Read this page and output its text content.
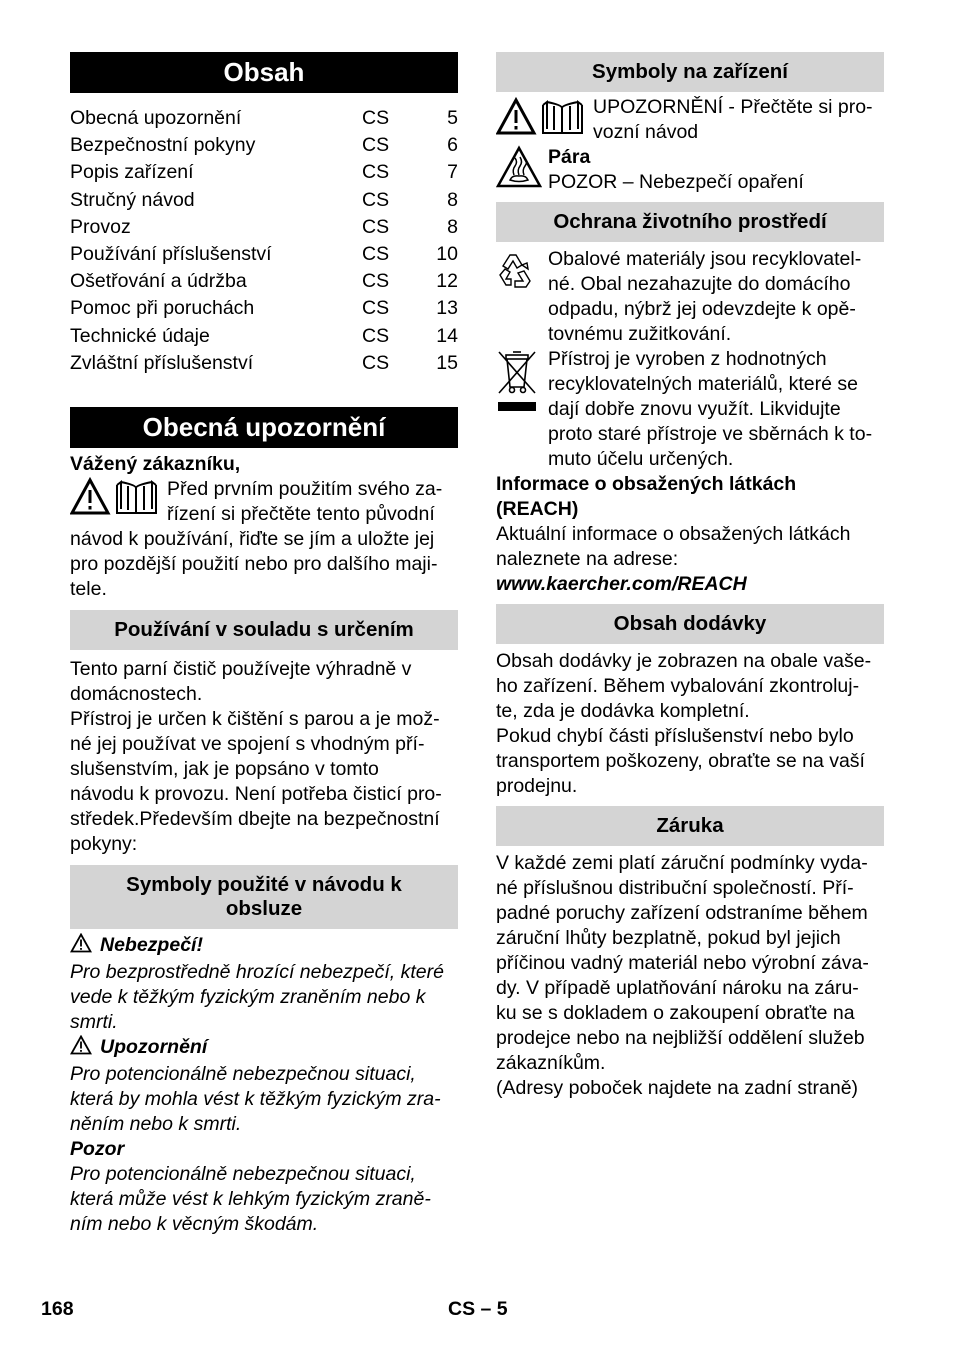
Obsah
Obecná upozornění	CS	5
Bezpečnostní pokyny	CS	6
Popis zařízení	CS	7
Stručný návod	CS	8
Provoz	CS	8
Používání příslušenství	CS	10
Ošetřování a údržba	CS	12
Pomoc při poruchách	CS	13
Technické údaje	CS	14
Zvláštní příslušenství	CS	15
Obecná upozornění
Vážený zákazníku,
Před prvním použitím svého za-
řízení si přečtěte tento původní
návod k používání, řiďte se jím a uložte jej
pro pozdější použití nebo pro dalšího maji-
tele.
Používání v souladu s určením
Tento parní čistič používejte výhradně v
domácnostech.
Přístroj je určen k čištění s parou a je mož-
né jej používat ve spojení s vhodným pří-
slušenstvím, jak je popsáno v tomto
návodu k provozu. Není potřeba čisticí pro-
středek.Především dbejte na bezpečnostní
pokyny:
Symboly použité v návodu k
obsluze
Nebezpečí!
Pro bezprostředně hrozící nebezpečí, které
vede k těžkým fyzickým zraněním nebo k
smrti.
Upozornění
Pro potencionálně nebezpečnou situaci,
která by mohla vést k těžkým fyzickým zra-
něním nebo k smrti.
Pozor
Pro potencionálně nebezpečnou situaci,
která může vést k lehkým fyzickým zraně-
ním nebo k věcným škodám.
Symboly na zařízení
UPOZORNĚNÍ - Přečtěte si pro-
vozní návod
Pára
POZOR – Nebezpečí opaření
Ochrana životního prostředí
Obalové materiály jsou recyklovatel-
né. Obal nezahazujte do domácího
odpadu, nýbrž jej odevzdejte k opě-
tovnému zužitkování.
Přístroj je vyroben z hodnotných
recyklovatelných materiálů, které se
dají dobře znovu využít. Likvidujte
proto staré přístroje ve sběrnách k to-
muto účelu určených.
Informace o obsažených látkách
(REACH)
Aktuální informace o obsažených látkách
naleznete na adrese:
www.kaercher.com/REACH
Obsah dodávky
Obsah dodávky je zobrazen na obale vaše-
ho zařízení. Během vybalování zkontroluj-
te, zda je dodávka kompletní.
Pokud chybí části příslušenství nebo bylo
transportem poškozeny, obraťte se na vaší
prodejnu.
Záruka
V každé zemi platí záruční podmínky vyda-
né příslušnou distribuční společností. Pří-
padné poruchy zařízení odstraníme během
záruční lhůty bezplatně, pokud byl jejich
příčinou vadný materiál nebo výrobní záva-
dy. V případě uplatňování nároku na záru-
ku se s dokladem o zakoupení obraťte na
prodejce nebo na nejbližší oddělení služeb
zákazníkům.
(Adresy poboček najdete na zadní straně)
168	CS – 5
